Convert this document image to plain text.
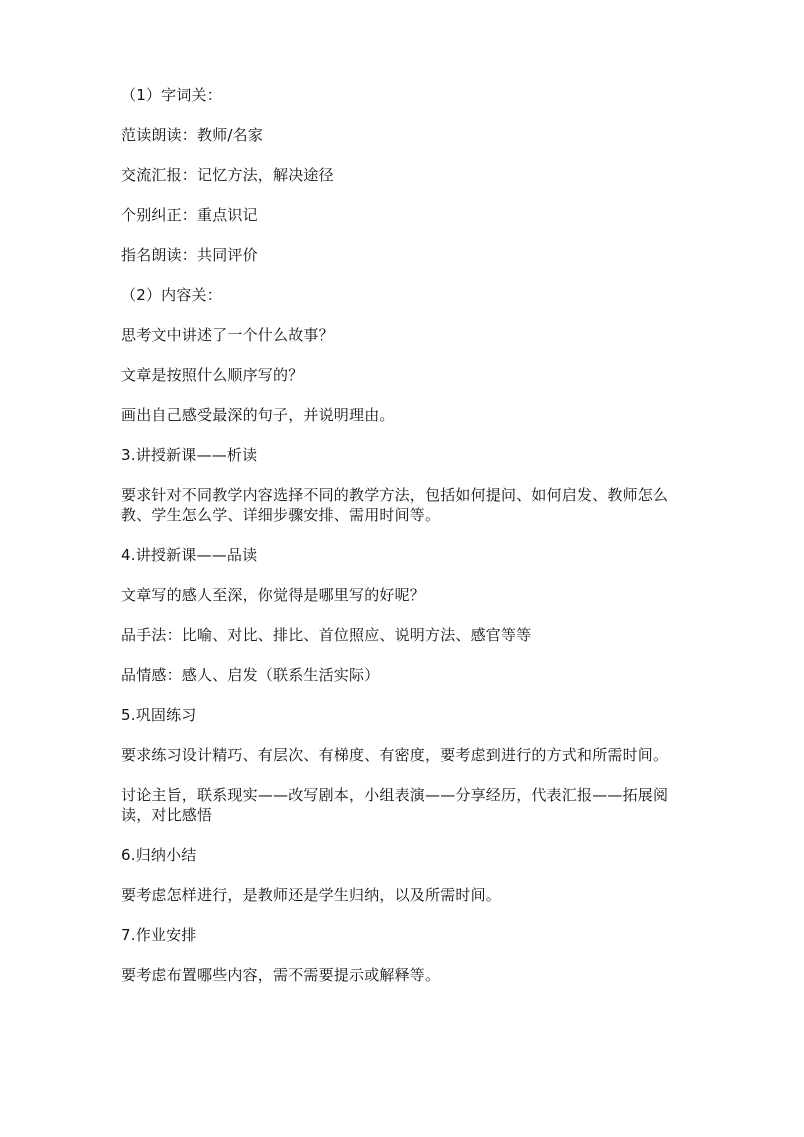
（1）字词关：
范读朗读：教师/名家
交流汇报：记忆方法，解决途径
个别纠正：重点识记
指名朗读：共同评价
（2）内容关：
思考文中讲述了一个什么故事？
文章是按照什么顺序写的？
画出自己感受最深的句子，并说明理由。
3.讲授新课——析读
要求针对不同教学内容选择不同的教学方法，包括如何提问、如何启发、教师怎么教、学生怎么学、详细步骤安排、需用时间等。
4.讲授新课——品读
文章写的感人至深，你觉得是哪里写的好呢？
品手法：比喻、对比、排比、首位照应、说明方法、感官等等
品情感：感人、启发（联系生活实际）
5.巩固练习
要求练习设计精巧、有层次、有梯度、有密度，要考虑到进行的方式和所需时间。
讨论主旨，联系现实——改写剧本，小组表演——分享经历，代表汇报——拓展阅读，对比感悟
6.归纳小结
要考虑怎样进行，是教师还是学生归纳，以及所需时间。
7.作业安排
要考虑布置哪些内容，需不需要提示或解释等。
